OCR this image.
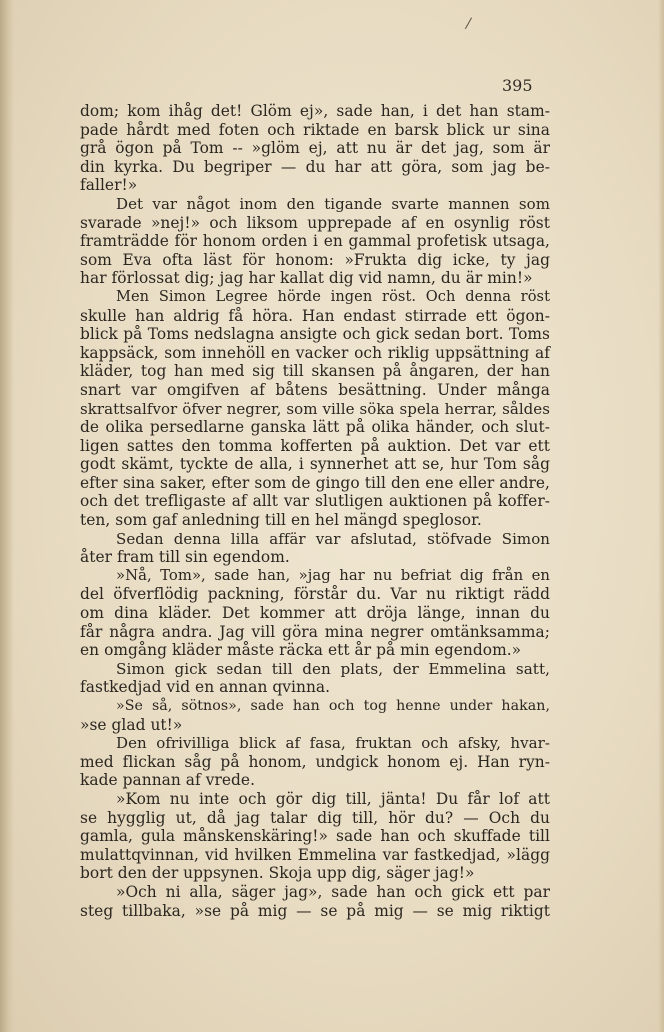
/
395
dom; kom ihåg det! Glöm ej», sade han, i det han stam-
pade hårdt med foten och riktade en barsk blick ur sina
grå ögon på Tom -- »glöm ej, att nu är det jag, som är
din kyrka. Du begriper — du har att göra, som jag be-
faller!»
Det var något inom den tigande svarte mannen som
svarade »nej!» och liksom upprepade af en osynlig röst
framträdde för honom orden i en gammal profetisk utsaga,
som Eva ofta läst för honom: »Frukta dig icke, ty jag
har förlossat dig; jag har kallat dig vid namn, du är min!»
Men Simon Legree hörde ingen röst. Och denna röst
skulle han aldrig få höra. Han endast stirrade ett ögon-
blick på Toms nedslagna ansigte och gick sedan bort. Toms
kappsäck, som innehöll en vacker och riklig uppsättning af
kläder, tog han med sig till skansen på ångaren, der han
snart var omgifven af båtens besättning. Under många
skrattsalfvor öfver negrer, som ville söka spela herrar, såldes
de olika persedlarne ganska lätt på olika händer, och slut-
ligen sattes den tomma kofferten på auktion. Det var ett
godt skämt, tyckte de alla, i synnerhet att se, hur Tom såg
efter sina saker, efter som de gingo till den ene eller andre,
och det trefligaste af allt var slutligen auktionen på koffer-
ten, som gaf anledning till en hel mängd speglosor.
Sedan denna lilla affär var afslutad, stöfvade Simon
åter fram till sin egendom.
»Nå, Tom», sade han, »jag har nu befriat dig från en
del öfverflödig packning, förstår du. Var nu riktigt rädd
om dina kläder. Det kommer att dröja länge, innan du
får några andra. Jag vill göra mina negrer omtänksamma;
en omgång kläder måste räcka ett år på min egendom.»
Simon gick sedan till den plats, der Emmelina satt,
fastkedjad vid en annan qvinna.
»Se så, sötnos», sade han och tog henne under hakan,
»se glad ut!»
Den ofrivilliga blick af fasa, fruktan och afsky, hvar-
med flickan såg på honom, undgick honom ej. Han ryn-
kade pannan af vrede.
»Kom nu inte och gör dig till, jänta! Du får lof att
se hygglig ut, då jag talar dig till, hör du? — Och du
gamla, gula månskenskäring!» sade han och skuffade till
mulattqvinnan, vid hvilken Emmelina var fastkedjad, »lägg
bort den der uppsynen. Skoja upp dig, säger jag!»
»Och ni alla, säger jag», sade han och gick ett par
steg tillbaka, »se på mig — se på mig — se mig riktigt
